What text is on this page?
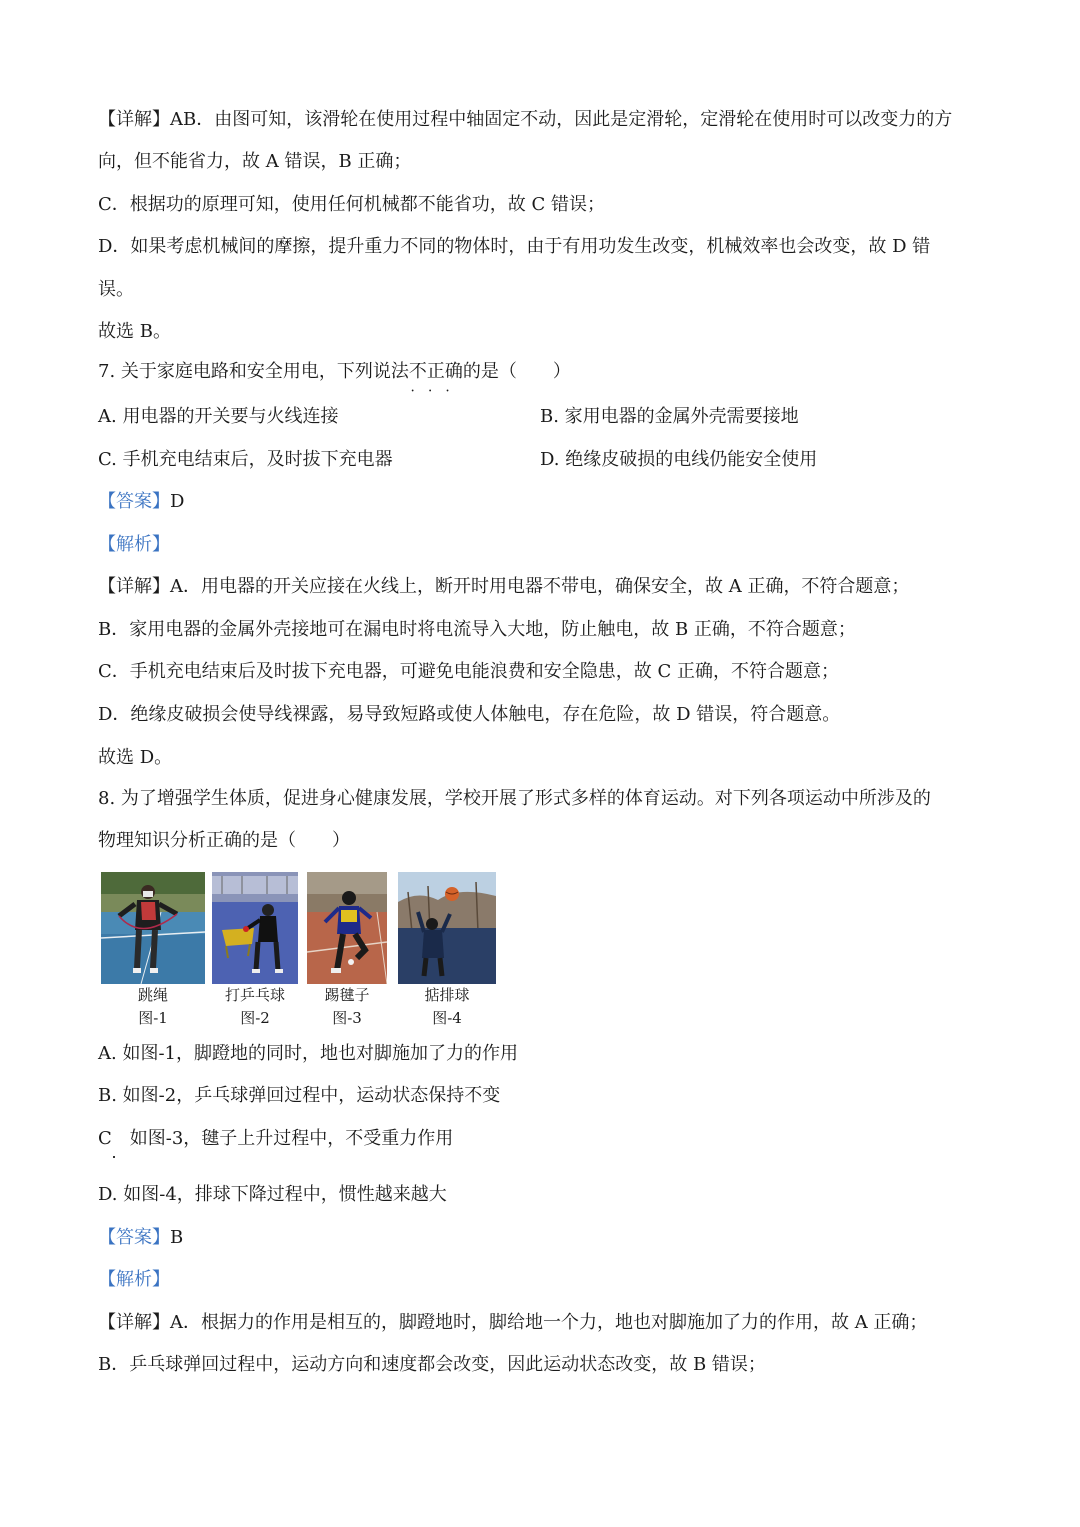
【详解】AB．由图可知，该滑轮在使用过程中轴固定不动，因此是定滑轮，定滑轮在使用时可以改变力的方
向，但不能省力，故 A 错误，B 正确；
C．根据功的原理可知，使用任何机械都不能省功，故 C 错误；
D．如果考虑机械间的摩擦，提升重力不同的物体时，由于有用功发生改变，机械效率也会改变，故 D 错
误。
故选 B。
7. 关于家庭电路和安全用电，下列说法不正确 • • •的是（　　）
A. 用电器的开关要与火线连接	B. 家用电器的金属外壳需要接地
C. 手机充电结束后，及时拔下充电器	D. 绝缘皮破损的电线仍能安全使用
【答案】D
【解析】
【详解】A．用电器的开关应接在火线上，断开时用电器不带电，确保安全，故 A 正确，不符合题意；
B．家用电器的金属外壳接地可在漏电时将电流导入大地，防止触电，故 B 正确，不符合题意；
C．手机充电结束后及时拔下充电器，可避免电能浪费和安全隐患，故 C 正确，不符合题意；
D．绝缘皮破损会使导线裸露，易导致短路或使人体触电，存在危险，故 D 错误，符合题意。
故选 D。
8. 为了增强学生体质，促进身心健康发展，学校开展了形式多样的体育运动。对下列各项运动中所涉及的
物理知识分析正确的是（　　）
跳绳
图-1
打乒乓球
图-2
踢毽子
图-3
掂排球
图-4
A. 如图-1，脚蹬地的同时，地也对脚施加了力的作用
B. 如图-2，乒乓球弹回过程中，运动状态保持不变
C　如图-3，毽子上升过程中，不受重力作用
D. 如图-4，排球下降过程中，惯性越来越大
【答案】B
【解析】
【详解】A．根据力的作用是相互的，脚蹬地时，脚给地一个力，地也对脚施加了力的作用，故 A 正确；
B．乒乓球弹回过程中，运动方向和速度都会改变，因此运动状态改变，故 B 错误；
